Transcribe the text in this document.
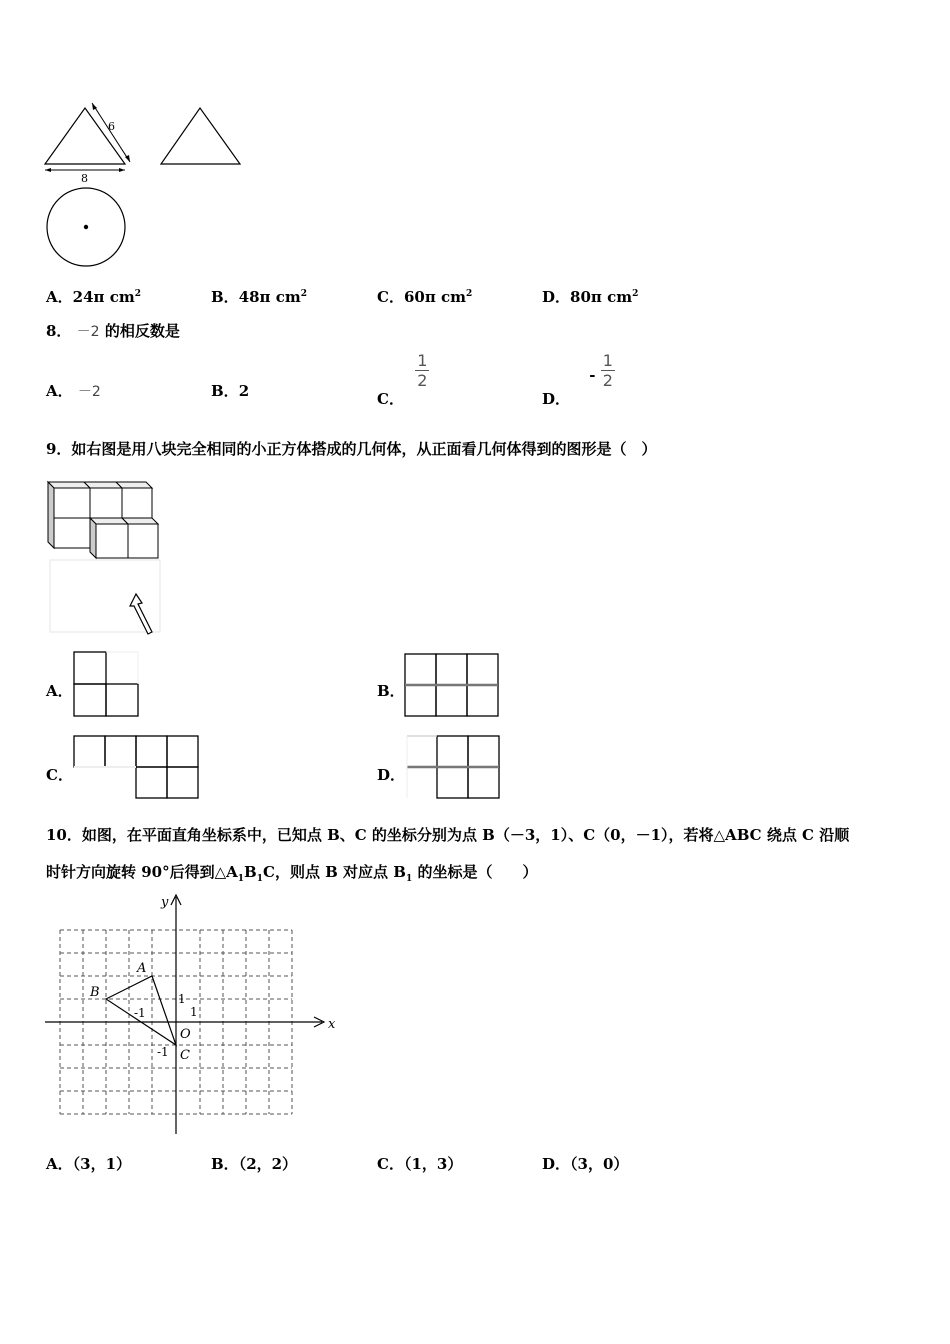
6
8
A．24π $cm^2$	B．48π $cm^2$	C．60π $cm^2$	D．80π $cm^2$
8． －2 的相反数是
A． －2	B．2	C．
$\frac{1}{2}$
D． - $\frac{1}{2}$
9．如右图是用八块完全相同的小正方体搭成的几何体，从正面看几何体得到的图形是（　）
A．	B．
C．	D．
10．如图，在平面直角坐标系中，已知点 B、C 的坐标分别为点 B（－3，1）、C（0，－1），若将△ABC 绕点 C 沿顺
时针方向旋转 90°后得到$\triangle A_1B_1C$，则点 B 对应点 $B_1$ 的坐标是（　　）
x
y
A
B
O
C
1
1
-1
-1
A．（3，1）	B．（2，2）	C．（1，3）	D．（3，0）
